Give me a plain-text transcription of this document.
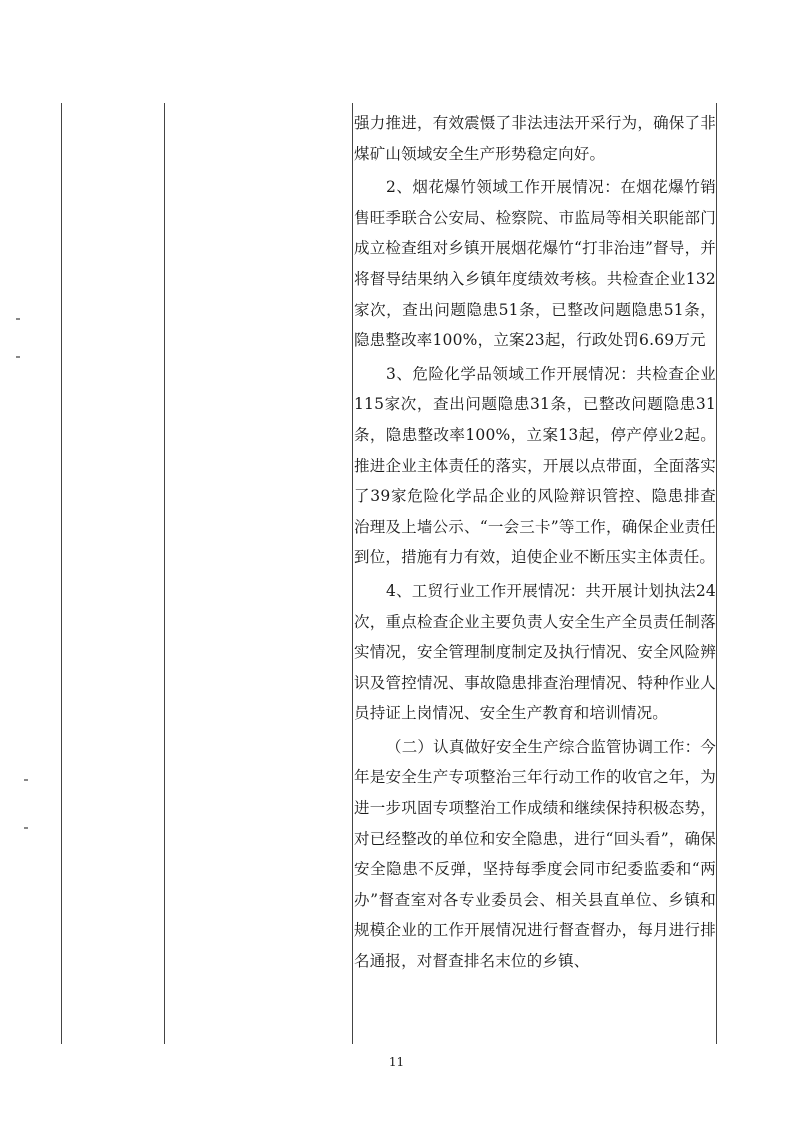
强力推进，有效震慑了非法违法开采行为，确保了非煤矿山领域安全生产形势稳定向好。

2、烟花爆竹领域工作开展情况：在烟花爆竹销售旺季联合公安局、检察院、市监局等相关职能部门成立检查组对乡镇开展烟花爆竹“打非治违”督导，并将督导结果纳入乡镇年度绩效考核。共检查企业132家次，查出问题隐患51条，已整改问题隐患51条，隐患整改率100%，立案23起，行政处罚6.69万元

3、危险化学品领域工作开展情况：共检查企业115家次，查出问题隐患31条，已整改问题隐患31条，隐患整改率100%，立案13起，停产停业2起。推进企业主体责任的落实，开展以点带面，全面落实了39家危险化学品企业的风险辩识管控、隐患排查治理及上墙公示、“一会三卡”等工作，确保企业责任到位，措施有力有效，迫使企业不断压实主体责任。

4、工贸行业工作开展情况：共开展计划执法24次，重点检查企业主要负责人安全生产全员责任制落实情况，安全管理制度制定及执行情况、安全风险辨识及管控情况、事故隐患排查治理情况、特种作业人员持证上岗情况、安全生产教育和培训情况。

（二）认真做好安全生产综合监管协调工作：今年是安全生产专项整治三年行动工作的收官之年，为进一步巩固专项整治工作成绩和继续保持积极态势，对已经整改的单位和安全隐患，进行“回头看”，确保安全隐患不反弹，坚持每季度会同市纪委监委和“两办”督查室对各专业委员会、相关县直单位、乡镇和规模企业的工作开展情况进行督查督办，每月进行排名通报，对督查排名末位的乡镇、

11
